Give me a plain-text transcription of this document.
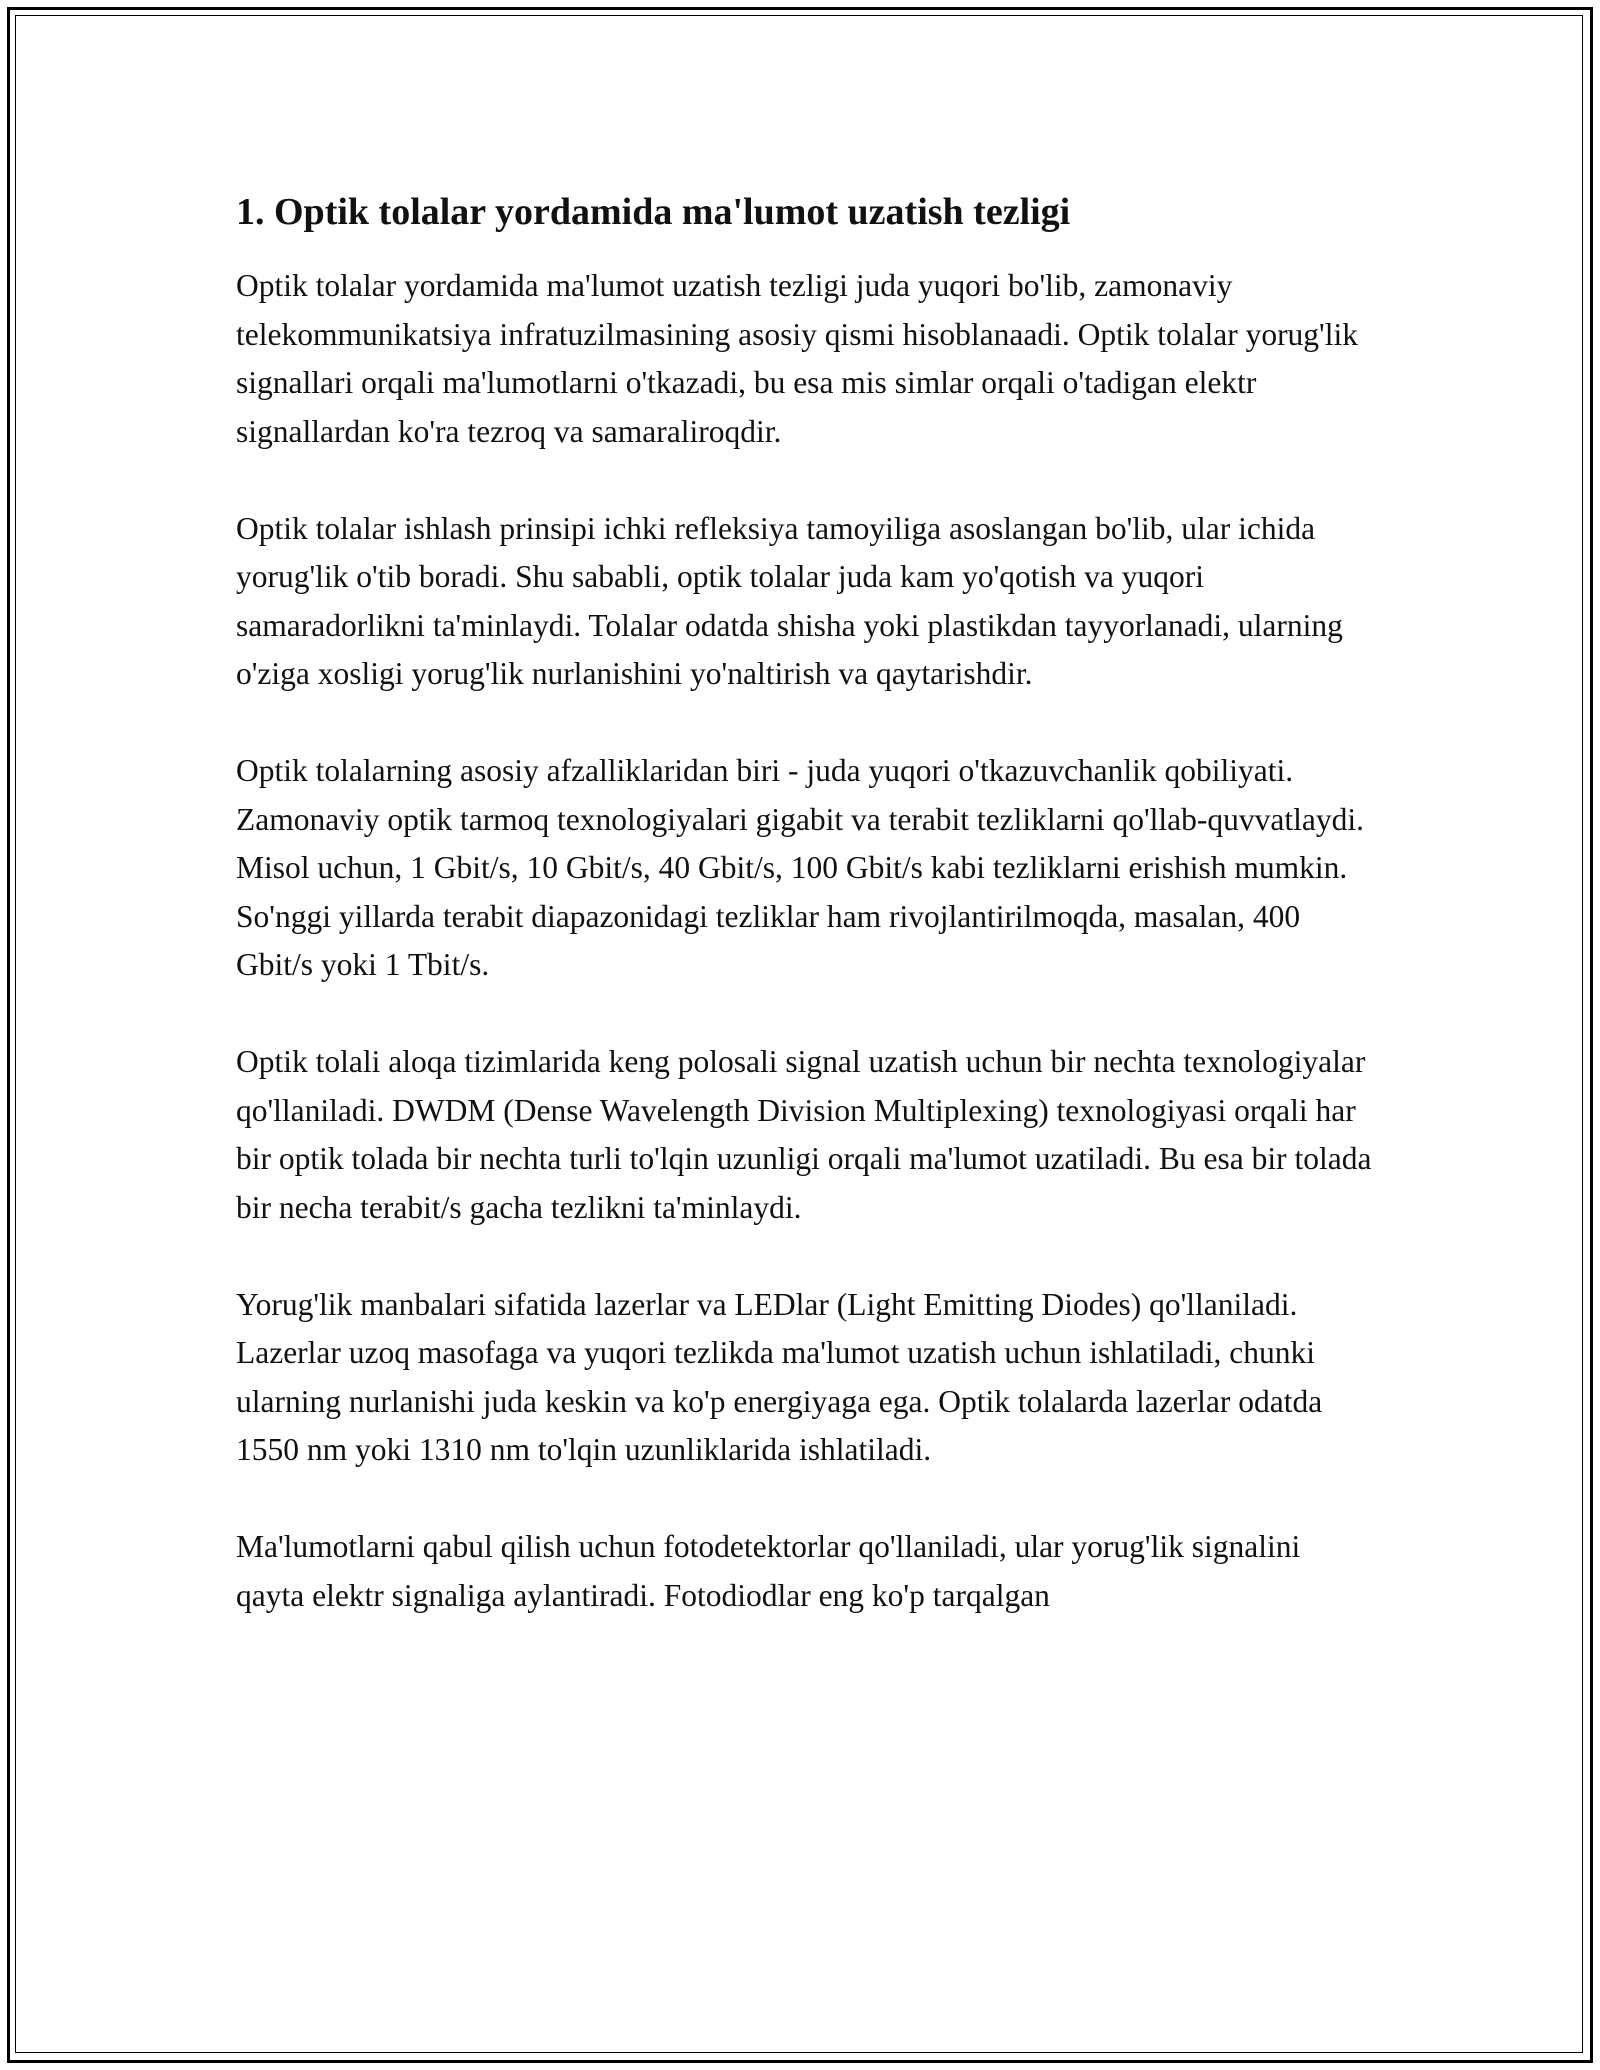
1. Optik tolalar yordamida ma'lumot uzatish tezligi

Optik tolalar yordamida ma'lumot uzatish tezligi juda yuqori bo'lib, zamonaviy telekommunikatsiya infratuzilmasining asosiy qismi hisoblanaadi. Optik tolalar yorug'lik signallari orqali ma'lumotlarni o'tkazadi, bu esa mis simlar orqali o'tadigan elektr signallardan ko'ra tezroq va samaraliroqdir.

Optik tolalar ishlash prinsipi ichki refleksiya tamoyiliga asoslangan bo'lib, ular ichida yorug'lik o'tib boradi. Shu sababli, optik tolalar juda kam yo'qotish va yuqori samaradorlikni ta'minlaydi. Tolalar odatda shisha yoki plastikdan tayyorlanadi, ularning o'ziga xosligi yorug'lik nurlanishini yo'naltirish va qaytarishdir.

Optik tolalarning asosiy afzalliklaridan biri - juda yuqori o'tkazuvchanlik qobiliyati. Zamonaviy optik tarmoq texnologiyalari gigabit va terabit tezliklarni qo'llab-quvvatlaydi. Misol uchun, 1 Gbit/s, 10 Gbit/s, 40 Gbit/s, 100 Gbit/s kabi tezliklarni erishish mumkin. So'nggi yillarda terabit diapazonidagi tezliklar ham rivojlantirilmoqda, masalan, 400 Gbit/s yoki 1 Tbit/s.

Optik tolali aloqa tizimlarida keng polosali signal uzatish uchun bir nechta texnologiyalar qo'llaniladi. DWDM (Dense Wavelength Division Multiplexing) texnologiyasi orqali har bir optik tolada bir nechta turli to'lqin uzunligi orqali ma'lumot uzatiladi. Bu esa bir tolada bir necha terabit/s gacha tezlikni ta'minlaydi.

Yorug'lik manbalari sifatida lazerlar va LEDlar (Light Emitting Diodes) qo'llaniladi. Lazerlar uzoq masofaga va yuqori tezlikda ma'lumot uzatish uchun ishlatiladi, chunki ularning nurlanishi juda keskin va ko'p energiyaga ega. Optik tolalarda lazerlar odatda 1550 nm yoki 1310 nm to'lqin uzunliklarida ishlatiladi.

Ma'lumotlarni qabul qilish uchun fotodetektorlar qo'llaniladi, ular yorug'lik signalini qayta elektr signaliga aylantiradi. Fotodiodlar eng ko'p tarqalgan
